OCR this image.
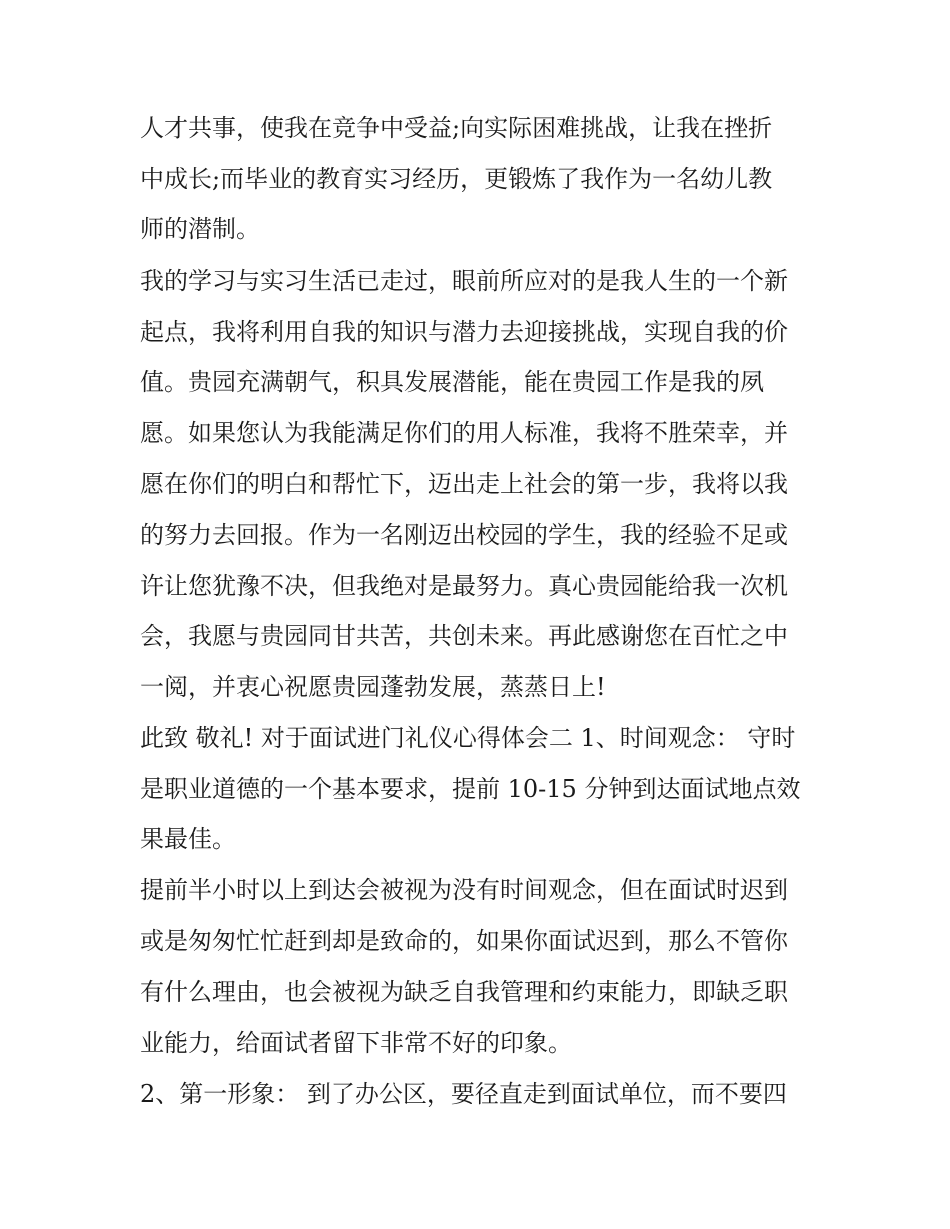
人才共事，使我在竞争中受益;向实际困难挑战，让我在挫折
中成长;而毕业的教育实习经历，更锻炼了我作为一名幼儿教
师的潜制。
我的学习与实习生活已走过，眼前所应对的是我人生的一个新
起点，我将利用自我的知识与潜力去迎接挑战，实现自我的价
值。贵园充满朝气，积具发展潜能，能在贵园工作是我的夙
愿。如果您认为我能满足你们的用人标准，我将不胜荣幸，并
愿在你们的明白和帮忙下，迈出走上社会的第一步，我将以我
的努力去回报。作为一名刚迈出校园的学生，我的经验不足或
许让您犹豫不决，但我绝对是最努力。真心贵园能给我一次机
会，我愿与贵园同甘共苦，共创未来。再此感谢您在百忙之中
一阅，并衷心祝愿贵园蓬勃发展，蒸蒸日上!
此致 敬礼! 对于面试进门礼仪心得体会二 1、时间观念： 守时
是职业道德的一个基本要求，提前 10-15 分钟到达面试地点效
果最佳。
提前半小时以上到达会被视为没有时间观念，但在面试时迟到
或是匆匆忙忙赶到却是致命的，如果你面试迟到，那么不管你
有什么理由，也会被视为缺乏自我管理和约束能力，即缺乏职
业能力，给面试者留下非常不好的印象。
2、第一形象： 到了办公区，要径直走到面试单位，而不要四
